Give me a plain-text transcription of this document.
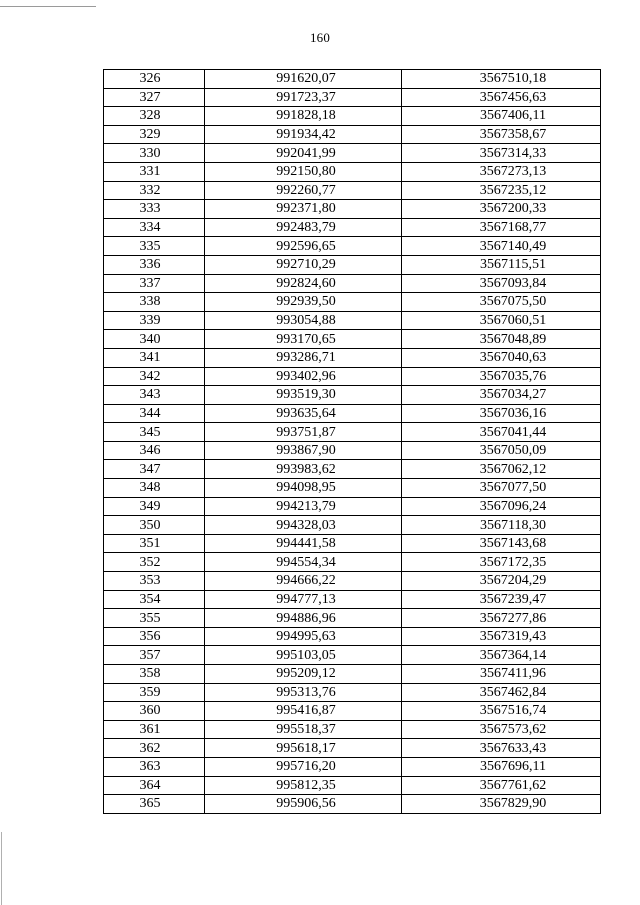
160
326	991620,07	3567510,18
327	991723,37	3567456,63
328	991828,18	3567406,11
329	991934,42	3567358,67
330	992041,99	3567314,33
331	992150,80	3567273,13
332	992260,77	3567235,12
333	992371,80	3567200,33
334	992483,79	3567168,77
335	992596,65	3567140,49
336	992710,29	3567115,51
337	992824,60	3567093,84
338	992939,50	3567075,50
339	993054,88	3567060,51
340	993170,65	3567048,89
341	993286,71	3567040,63
342	993402,96	3567035,76
343	993519,30	3567034,27
344	993635,64	3567036,16
345	993751,87	3567041,44
346	993867,90	3567050,09
347	993983,62	3567062,12
348	994098,95	3567077,50
349	994213,79	3567096,24
350	994328,03	3567118,30
351	994441,58	3567143,68
352	994554,34	3567172,35
353	994666,22	3567204,29
354	994777,13	3567239,47
355	994886,96	3567277,86
356	994995,63	3567319,43
357	995103,05	3567364,14
358	995209,12	3567411,96
359	995313,76	3567462,84
360	995416,87	3567516,74
361	995518,37	3567573,62
362	995618,17	3567633,43
363	995716,20	3567696,11
364	995812,35	3567761,62
365	995906,56	3567829,90
